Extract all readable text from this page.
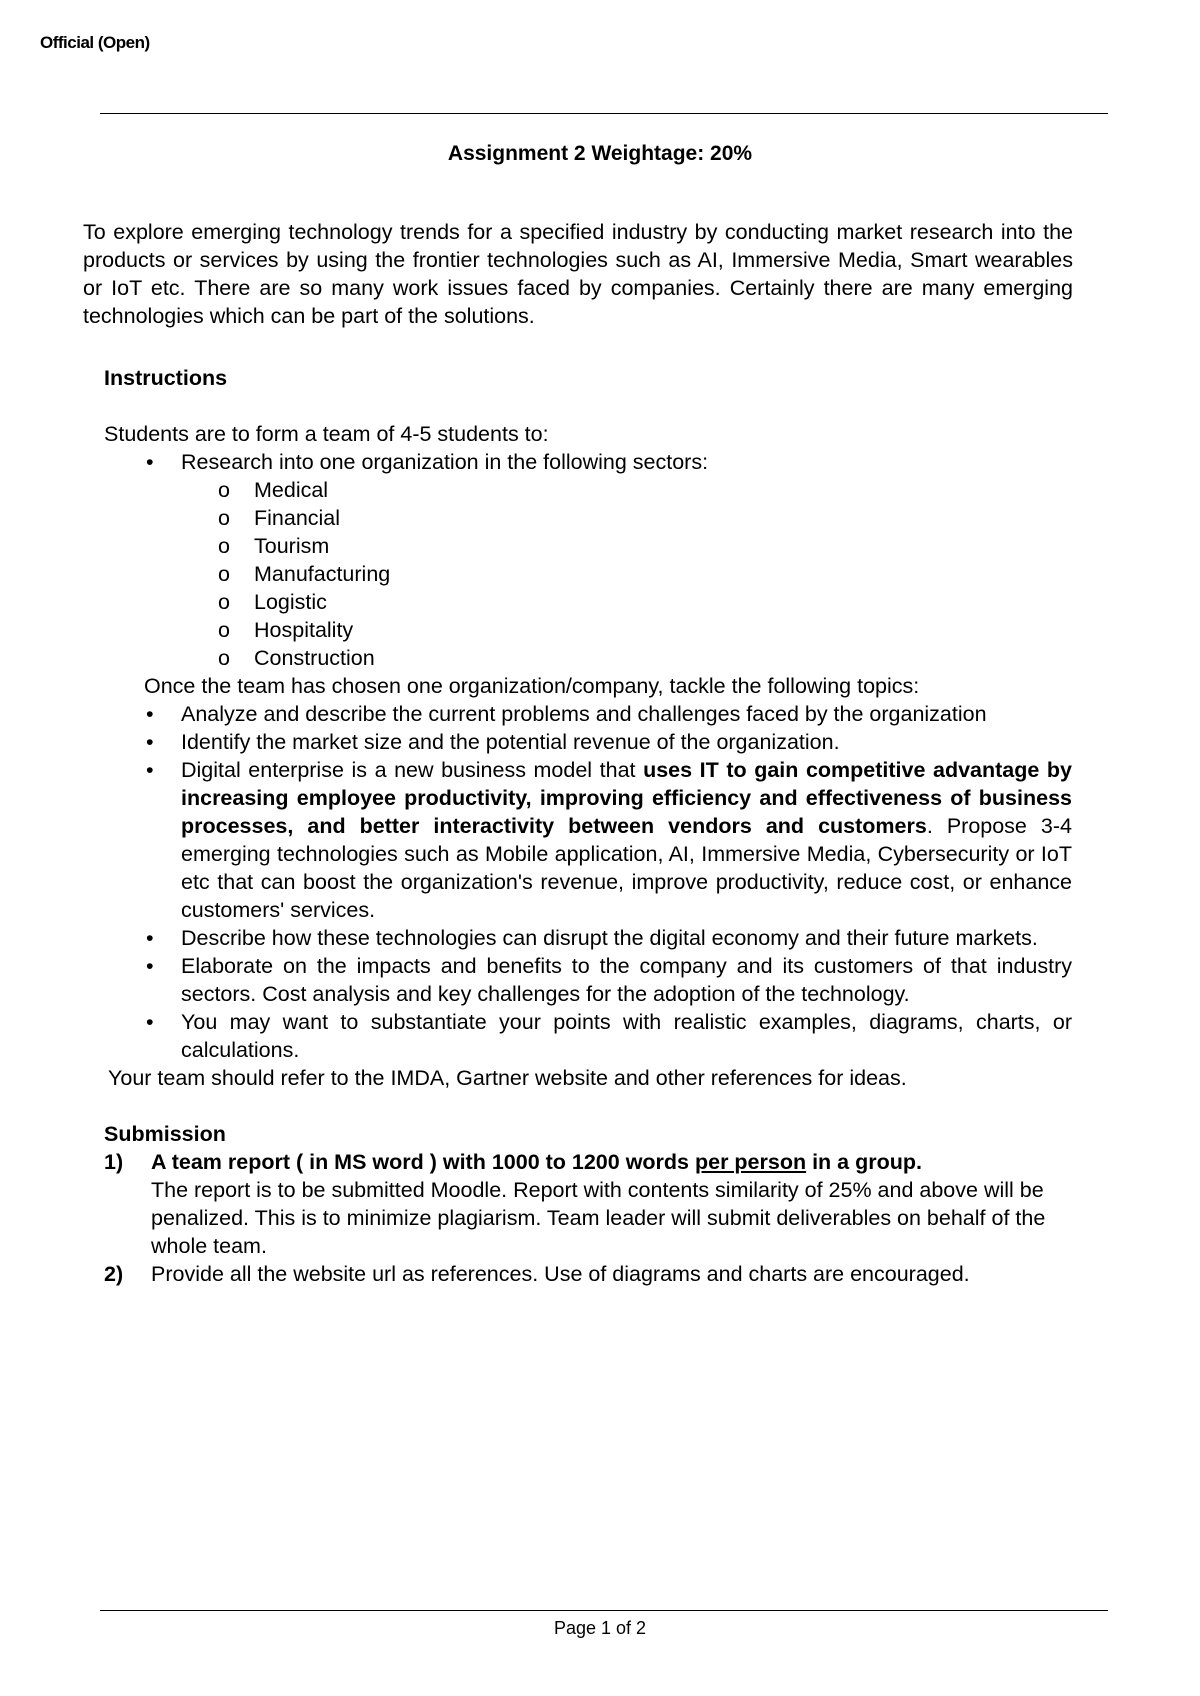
Official (Open)
Assignment 2 Weightage: 20%

To explore emerging technology trends for a specified industry by conducting market research into the products or services by using the frontier technologies such as AI, Immersive Media, Smart wearables or IoT etc. There are so many work issues faced by companies. Certainly there are many emerging technologies which can be part of the solutions.

Instructions

Students are to form a team of 4-5 students to:

• Research into one organization in the following sectors:
o Medical
o Financial
o Tourism
o Manufacturing
o Logistic
o Hospitality
o Construction

Once the team has chosen one organization/company, tackle the following topics:

• Analyze and describe the current problems and challenges faced by the organization
• Identify the market size and the potential revenue of the organization.
• Digital enterprise is a new business model that uses IT to gain competitive advantage by increasing employee productivity, improving efficiency and effectiveness of business processes, and better interactivity between vendors and customers. Propose 3-4 emerging technologies such as Mobile application, AI, Immersive Media, Cybersecurity or IoT etc that can boost the organization's revenue, improve productivity, reduce cost, or enhance customers' services.
• Describe how these technologies can disrupt the digital economy and their future markets.
• Elaborate on the impacts and benefits to the company and its customers of that industry sectors. Cost analysis and key challenges for the adoption of the technology.
• You may want to substantiate your points with realistic examples, diagrams, charts, or calculations.

Your team should refer to the IMDA, Gartner website and other references for ideas.

Submission

1) A team report ( in MS word ) with 1000 to 1200 words per person in a group.
The report is to be submitted Moodle. Report with contents similarity of 25% and above will be penalized. This is to minimize plagiarism. Team leader will submit deliverables on behalf of the whole team.
2) Provide all the website url as references. Use of diagrams and charts are encouraged.
Page 1 of 2
